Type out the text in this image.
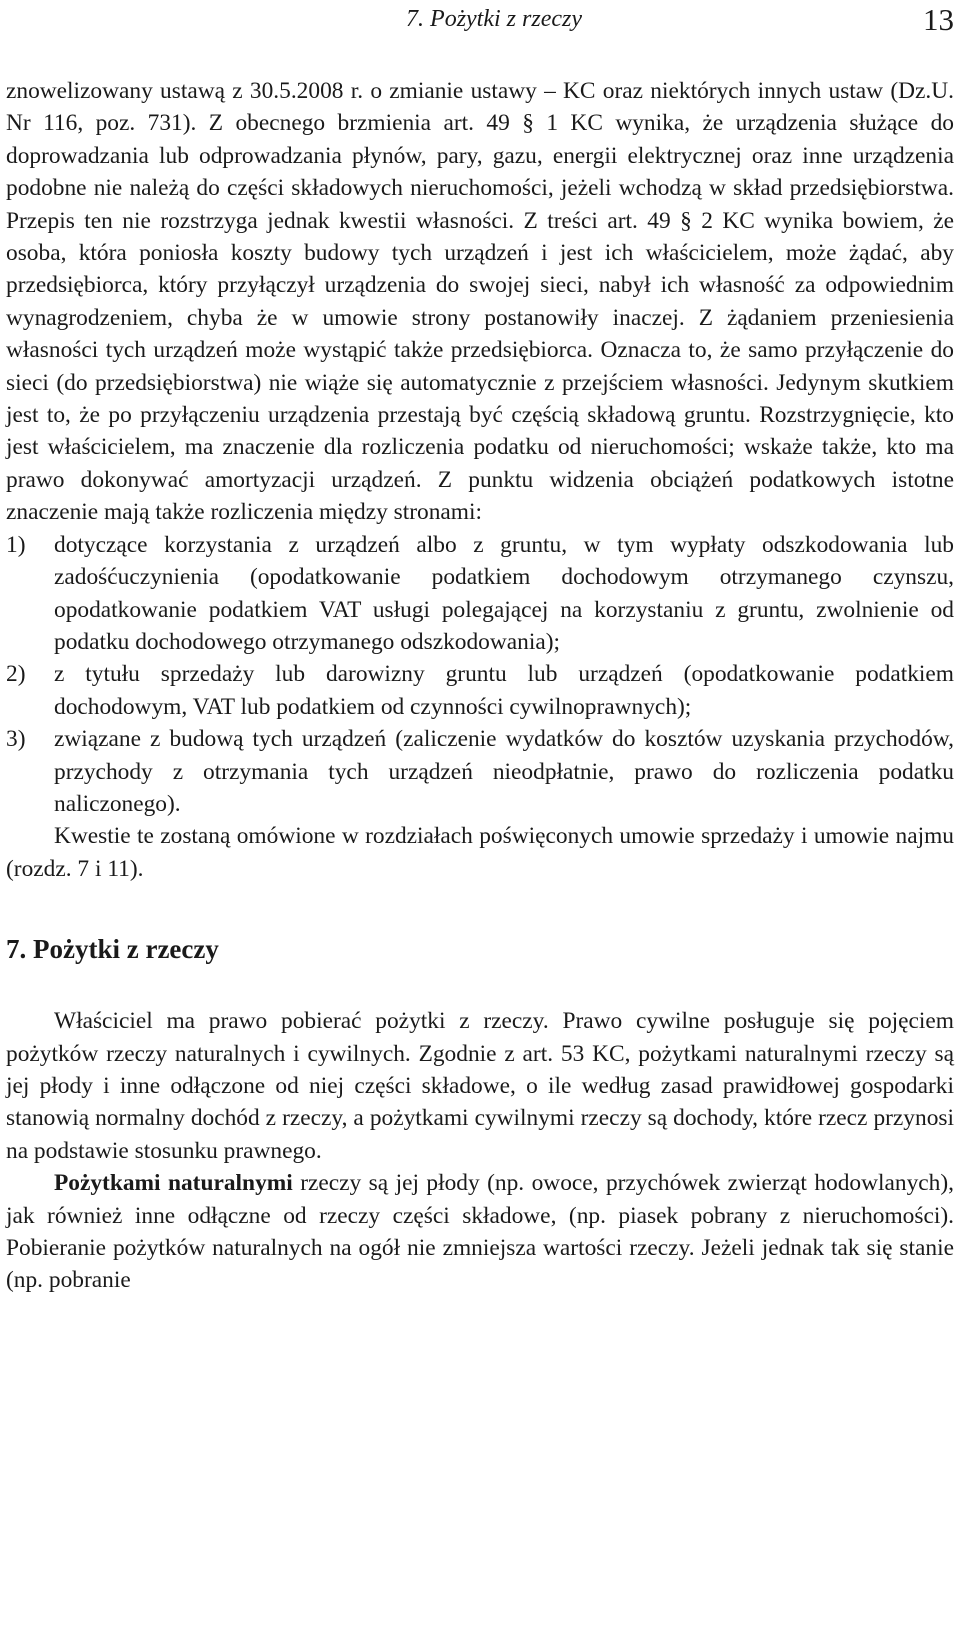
7. Pożytki z rzeczy	13

znowelizowany ustawą z 30.5.2008 r. o zmianie ustawy – KC oraz niektórych innych ustaw (Dz.U. Nr 116, poz. 731). Z obecnego brzmienia art. 49 § 1 KC wynika, że urządzenia służące do doprowadzania lub odprowadzania płynów, pary, gazu, energii elektrycznej oraz inne urządzenia podobne nie należą do części składowych nieruchomości, jeżeli wchodzą w skład przedsiębiorstwa. Przepis ten nie rozstrzyga jednak kwestii własności. Z treści art. 49 § 2 KC wynika bowiem, że osoba, która poniosła koszty budowy tych urządzeń i jest ich właścicielem, może żądać, aby przedsiębiorca, który przyłączył urządzenia do swojej sieci, nabył ich własność za odpowiednim wynagrodzeniem, chyba że w umowie strony postanowiły inaczej. Z żądaniem przeniesienia własności tych urządzeń może wystąpić także przedsiębiorca. Oznacza to, że samo przyłączenie do sieci (do przedsiębiorstwa) nie wiąże się automatycznie z przejściem własności. Jedynym skutkiem jest to, że po przyłączeniu urządzenia przestają być częścią składową gruntu. Rozstrzygnięcie, kto jest właścicielem, ma znaczenie dla rozliczenia podatku od nieruchomości; wskaże także, kto ma prawo dokonywać amortyzacji urządzeń. Z punktu widzenia obciążeń podatkowych istotne znaczenie mają także rozliczenia między stronami:

1) dotyczące korzystania z urządzeń albo z gruntu, w tym wypłaty odszkodowania lub zadośćuczynienia (opodatkowanie podatkiem dochodowym otrzymanego czynszu, opodatkowanie podatkiem VAT usługi polegającej na korzystaniu z gruntu, zwolnienie od podatku dochodowego otrzymanego odszkodowania);
2) z tytułu sprzedaży lub darowizny gruntu lub urządzeń (opodatkowanie podatkiem dochodowym, VAT lub podatkiem od czynności cywilnoprawnych);
3) związane z budową tych urządzeń (zaliczenie wydatków do kosztów uzyskania przychodów, przychody z otrzymania tych urządzeń nieodpłatnie, prawo do rozliczenia podatku naliczonego).

Kwestie te zostaną omówione w rozdziałach poświęconych umowie sprzedaży i umowie najmu (rozdz. 7 i 11).

7. Pożytki z rzeczy

Właściciel ma prawo pobierać pożytki z rzeczy. Prawo cywilne posługuje się pojęciem pożytków rzeczy naturalnych i cywilnych. Zgodnie z art. 53 KC, pożytkami naturalnymi rzeczy są jej płody i inne odłączone od niej części składowe, o ile według zasad prawidłowej gospodarki stanowią normalny dochód z rzeczy, a pożytkami cywilnymi rzeczy są dochody, które rzecz przynosi na podstawie stosunku prawnego.

Pożytkami naturalnymi rzeczy są jej płody (np. owoce, przychówek zwierząt hodowlanych), jak również inne odłączne od rzeczy części składowe, (np. piasek pobrany z nieruchomości). Pobieranie pożytków naturalnych na ogół nie zmniejsza wartości rzeczy. Jeżeli jednak tak się stanie (np. pobranie
